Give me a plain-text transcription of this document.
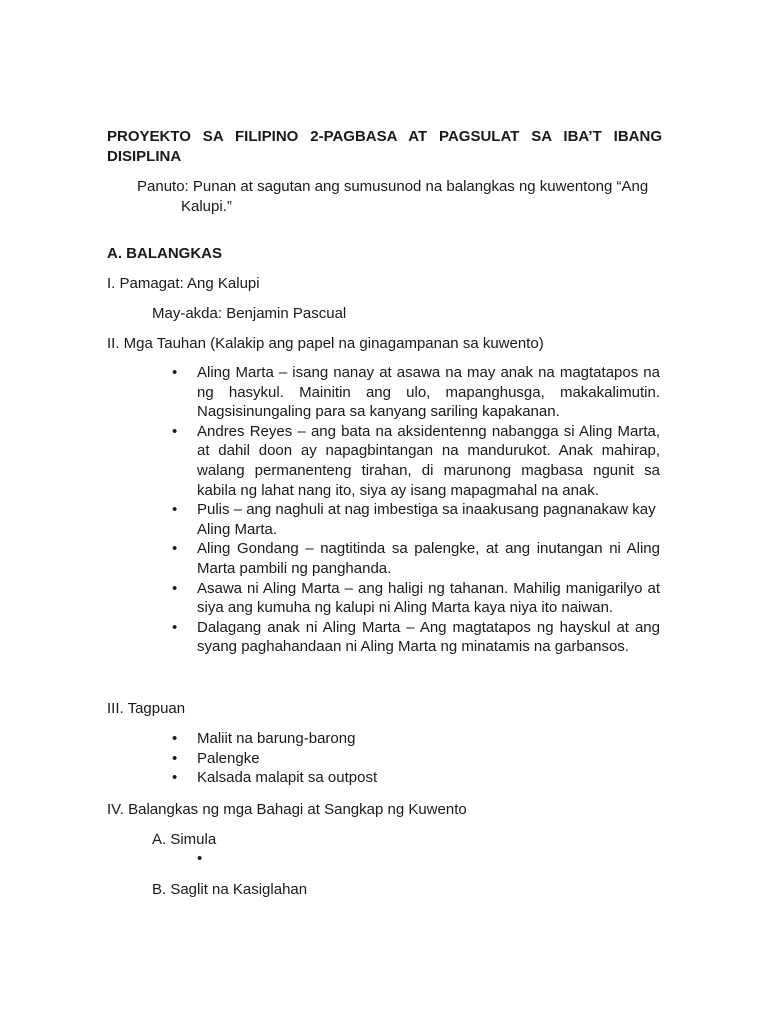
PROYEKTO SA FILIPINO 2-PAGBASA AT PAGSULAT SA IBA’T IBANG
DISIPLINA
Panuto: Punan at sagutan ang sumusunod na balangkas ng kuwentong “Ang
Kalupi.”
A. BALANGKAS
I. Pamagat: Ang Kalupi
May-akda: Benjamin Pascual
II. Mga Tauhan (Kalakip ang papel na ginagampanan sa kuwento)
• Aling Marta – isang nanay at asawa na may anak na magtatapos na ng hasykul. Mainitin ang ulo, mapanghusga, makakalimutin. Nagsisinungaling para sa kanyang sariling kapakanan.
• Andres Reyes – ang bata na aksidentenng nabangga si Aling Marta, at dahil doon ay napagbintangan na mandurukot. Anak mahirap, walang permanenteng tirahan, di marunong magbasa ngunit sa kabila ng lahat nang ito, siya ay isang mapagmahal na anak.
• Pulis – ang naghuli at nag imbestiga sa inaakusang pagnanakaw kay Aling Marta.
• Aling Gondang – nagtitinda sa palengke, at ang inutangan ni Aling Marta pambili ng panghanda.
• Asawa ni Aling Marta – ang haligi ng tahanan. Mahilig manigarilyo at siya ang kumuha ng kalupi ni Aling Marta kaya niya ito naiwan.
• Dalagang anak ni Aling Marta – Ang magtatapos ng hayskul at ang syang paghahandaan ni Aling Marta ng minatamis na garbansos.
III. Tagpuan
• Maliit na barung-barong
• Palengke
• Kalsada malapit sa outpost
IV. Balangkas ng mga Bahagi at Sangkap ng Kuwento
A. Simula
•
B. Saglit na Kasiglahan
